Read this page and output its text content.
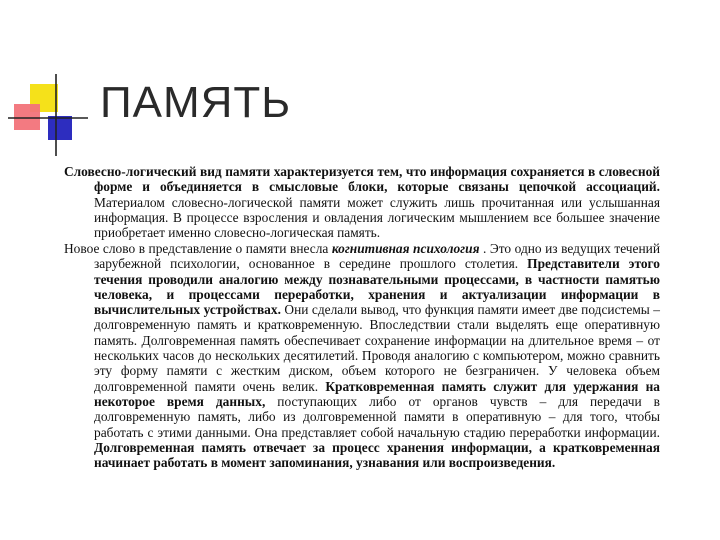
ПАМЯТЬ

Словесно-логический вид памяти характеризуется тем, что информация сохраняется в словесной форме и объединяется в смысловые блоки, которые связаны цепочкой ассоциаций. Материалом словесно-логической памяти может служить лишь прочитанная или услышанная информация. В процессе взросления и овладения логическим мышлением все большее значение приобретает именно словесно-логическая память.

Новое слово в представление о памяти внесла когнитивная психология . Это одно из ведущих течений зарубежной психологии, основанное в середине прошлого столетия. Представители этого течения проводили аналогию между познавательными процессами, в частности памятью человека, и процессами переработки, хранения и актуализации информации в вычислительных устройствах. Они сделали вывод, что функция памяти имеет две подсистемы – долговременную память и кратковременную. Впоследствии стали выделять еще оперативную память. Долговременная память обеспечивает сохранение информации на длительное время – от нескольких часов до нескольких десятилетий. Проводя аналогию с компьютером, можно сравнить эту форму памяти с жестким диском, объем которого не безграничен. У человека объем долговременной памяти очень велик. Кратковременная память служит для удержания на некоторое время данных, поступающих либо от органов чувств – для передачи в долговременную память, либо из долговременной памяти в оперативную – для того, чтобы работать с этими данными. Она представляет собой начальную стадию переработки информации. Долговременная память отвечает за процесс хранения информации, а кратковременная начинает работать в момент запоминания, узнавания или воспроизведения.
